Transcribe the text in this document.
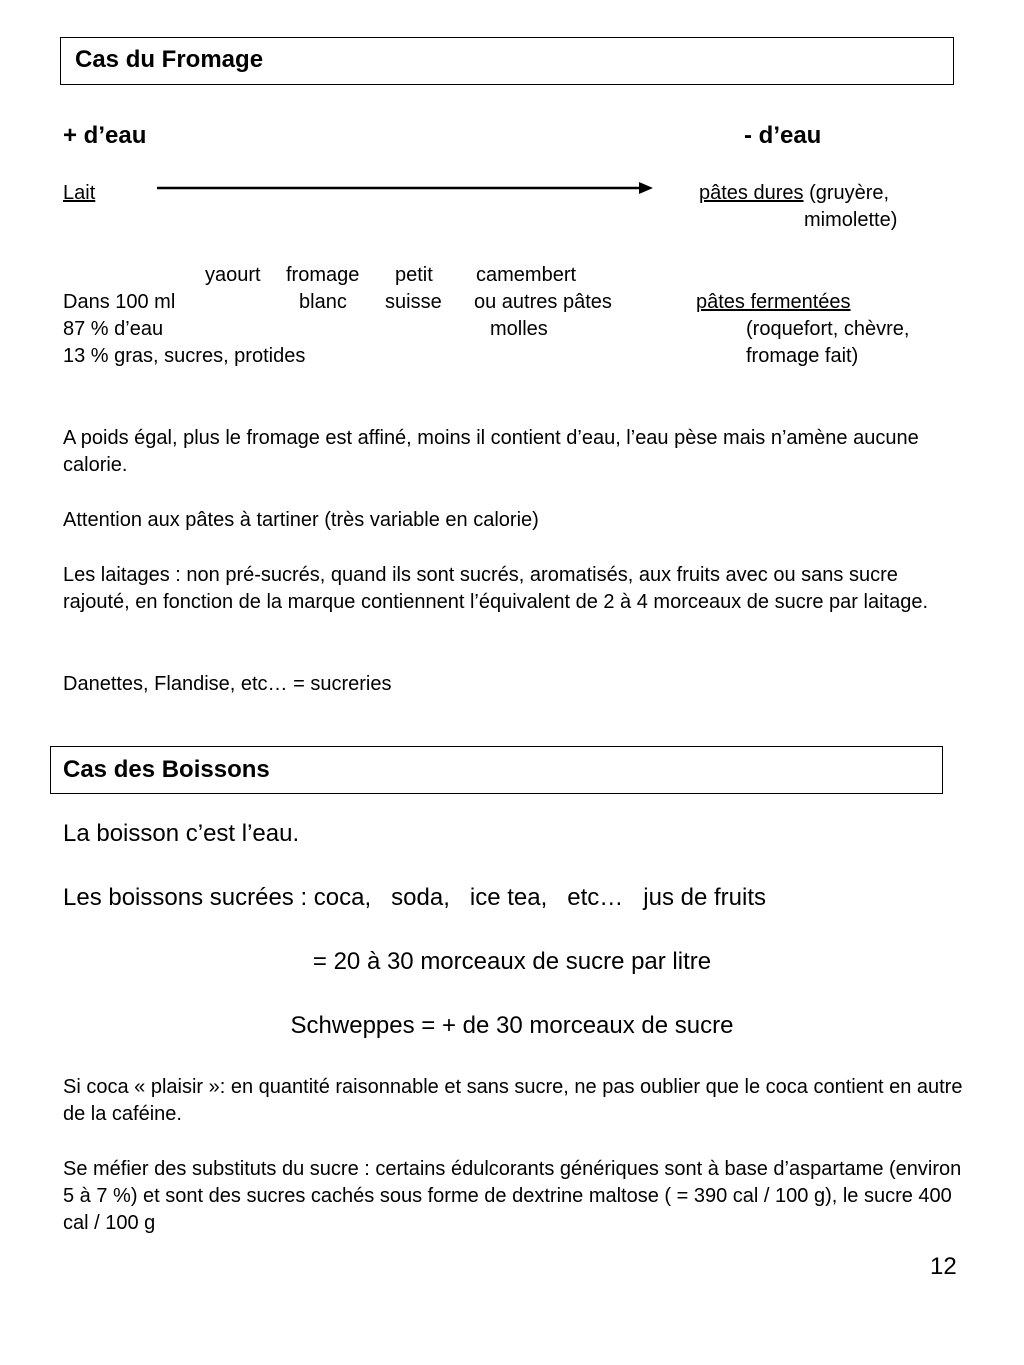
Cas du Fromage
+ d’eau	- d’eau
Lait	pâtes dures (gruyère,
mimolette)
yaourt fromage
blanc
petit
suisse
camembert
ou autres pâtes
molles
Dans 100 ml
87 % d’eau
13 % gras, sucres, protides
pâtes fermentées
(roquefort, chèvre,
fromage fait)

A poids égal, plus le fromage est affiné, moins il contient d’eau, l’eau pèse mais n’amène aucune calorie.

Attention aux pâtes à tartiner (très variable en calorie)

Les laitages : non pré-sucrés, quand ils sont sucrés, aromatisés, aux fruits avec ou sans sucre rajouté, en fonction de la marque contiennent l’équivalent de 2 à 4 morceaux de sucre par laitage.

Danettes, Flandise, etc… = sucreries

Cas des Boissons
La boisson c’est l’eau.
Les boissons sucrées : coca,   soda,   ice tea,   etc…   jus de fruits
= 20 à 30 morceaux de sucre par litre
Schweppes = + de 30 morceaux de sucre

Si coca « plaisir »: en quantité raisonnable et sans sucre, ne pas oublier que le coca contient en autre de la caféine.

Se méfier des substituts du sucre : certains édulcorants génériques sont à base d’aspartame (environ 5 à 7 %) et sont des sucres cachés sous forme de dextrine maltose ( = 390 cal / 100 g), le sucre 400 cal / 100 g

12
